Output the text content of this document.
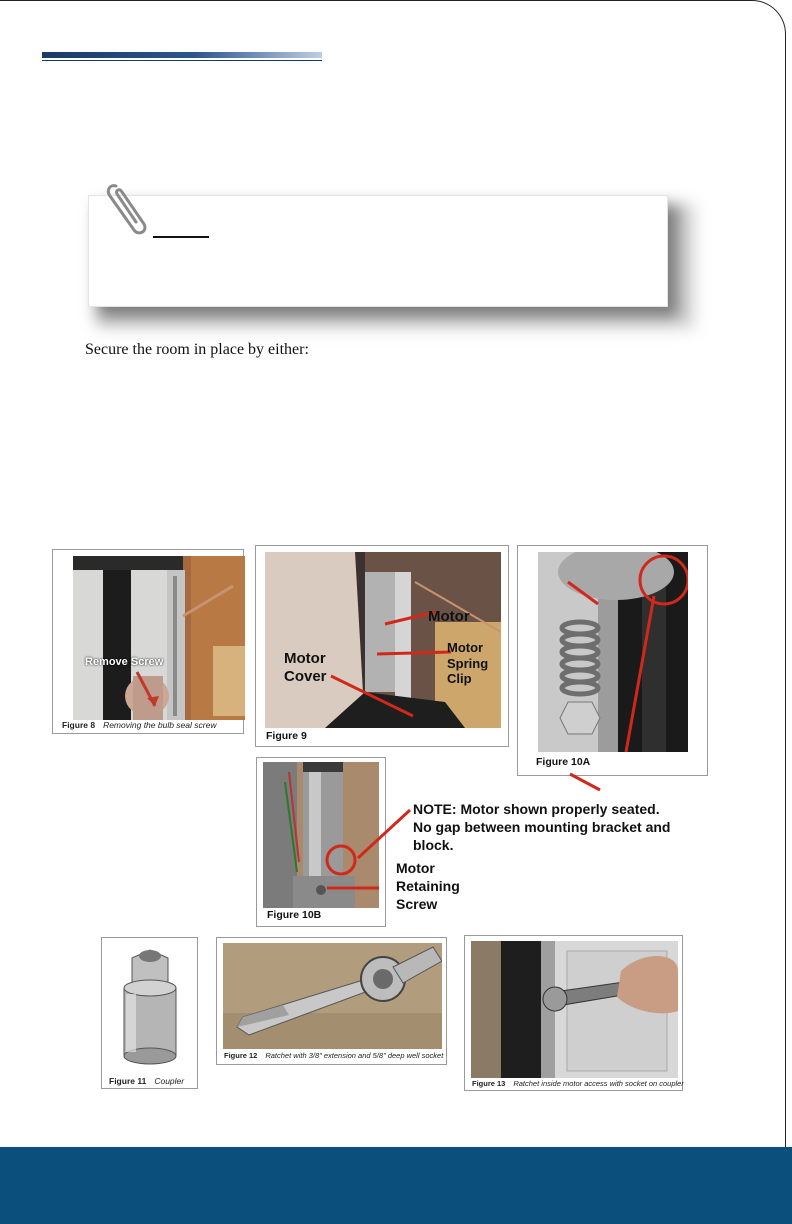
Secure the room in place by either:
Remove Screw
Figure 8 Removing the bulb seal screw
Motor
Motor
Cover
Motor
Spring
Clip
Figure 9
Figure 10A
Figure 10B
NOTE: Motor shown properly seated.
No gap between mounting bracket and
block.
Motor
Retaining
Screw
Figure 11 Coupler
Figure 12 Ratchet with 3/8" extension and 5/8" deep well socket
Figure 13 Ratchet inside motor access with socket on coupler
